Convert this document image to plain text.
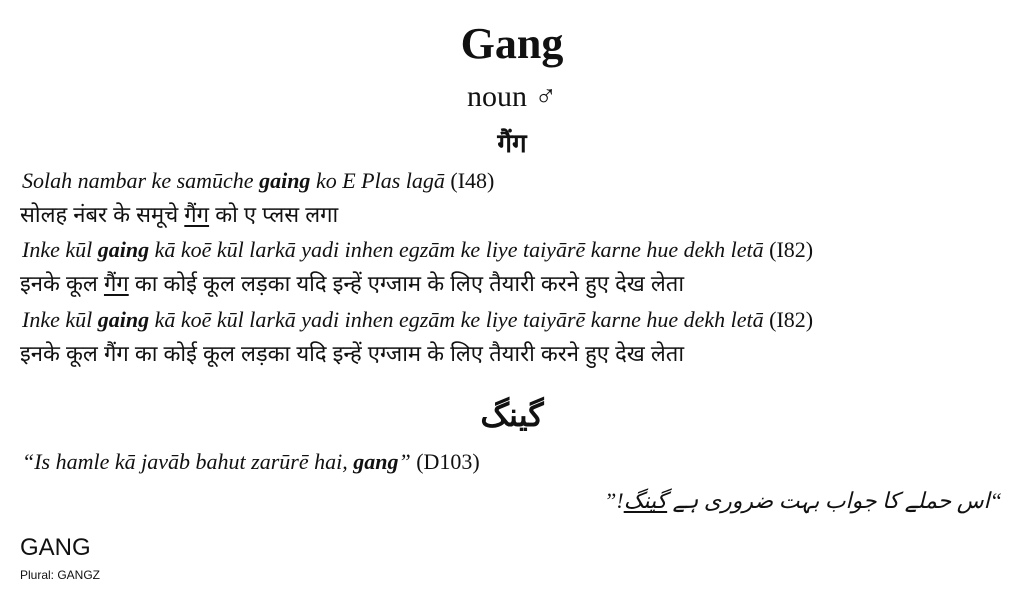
Gang
noun ♂
गैंग
Solah nambar ke samūche gaing ko E Plas lagā (I48)
सोलह नंबर के समूचे गैंग को ए प्लस लगा
Inke kūl gaing kā koē kūl larkā yadi inhen egzām ke liye taiyārē karne hue dekh letā (I82)
इनके कूल गैंग का कोई कूल लड़का यदि इन्हें एग्जाम के लिए तैयारी करने हुए देख लेता
Inke kūl gaing kā koē kūl larkā yadi inhen egzām ke liye taiyārē karne hue dekh letā (I82)
इनके कूल गैंग का कोई कूल लड़का यदि इन्हें एग्जाम के लिए तैयारी करने हुए देख लेता
گینگ
“Is hamle kā javāb bahut zarūrē hai, gang” (D103)
“اس حملے کا جواب بہت ضروری ہے گینگ!”
GANG
Plural: GANGZ
